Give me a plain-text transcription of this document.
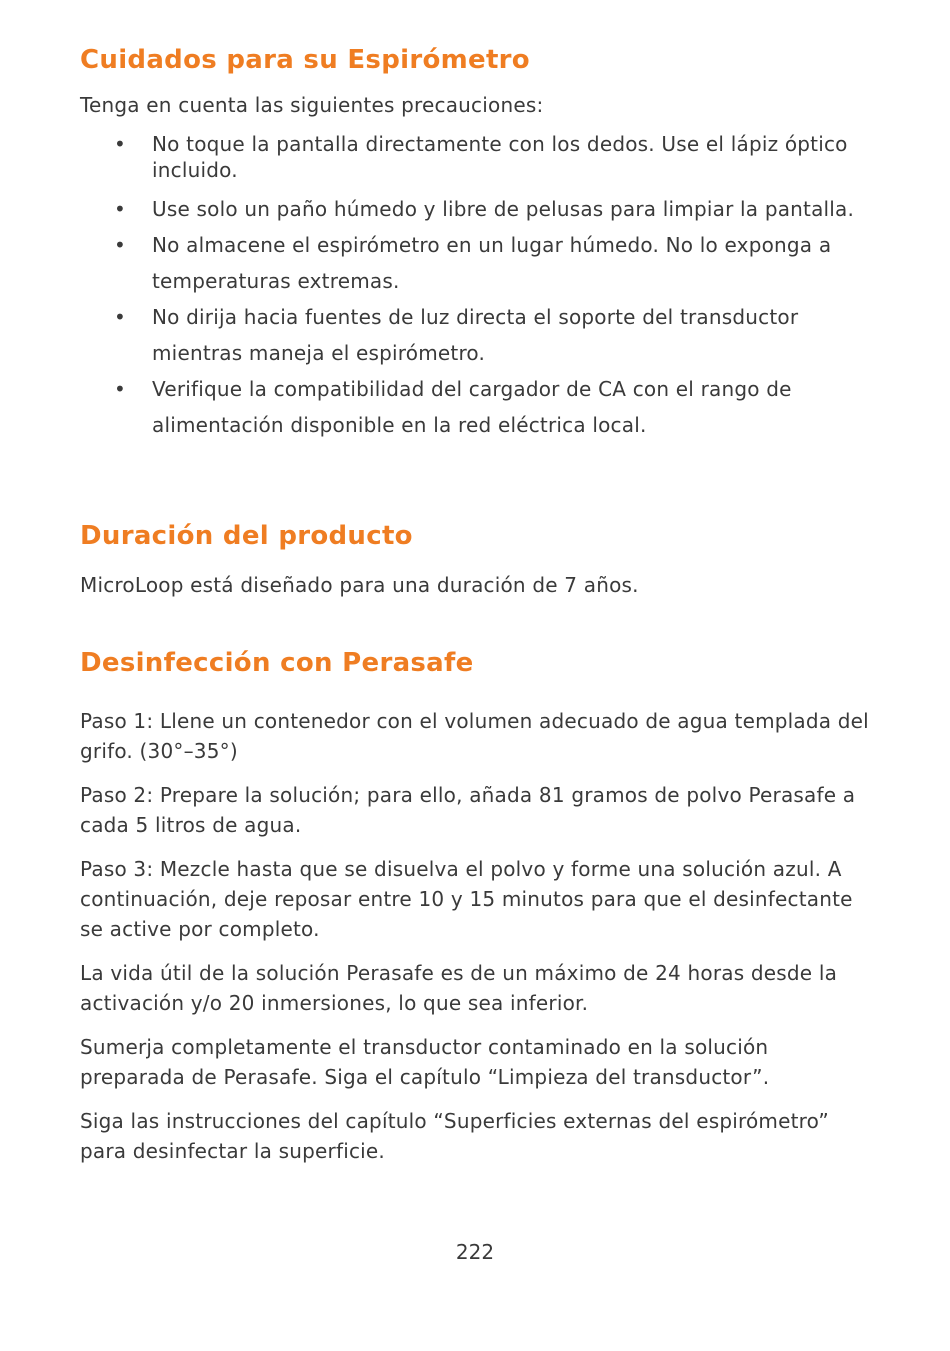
Cuidados para su Espirómetro

Tenga en cuenta las siguientes precauciones:

• No toque la pantalla directamente con los dedos. Use el lápiz óptico incluido.
• Use solo un paño húmedo y libre de pelusas para limpiar la pantalla.
• No almacene el espirómetro en un lugar húmedo. No lo exponga a temperaturas extremas.
• No dirija hacia fuentes de luz directa el soporte del transductor mientras maneja el espirómetro.
• Verifique la compatibilidad del cargador de CA con el rango de alimentación disponible en la red eléctrica local.
Duración del producto

MicroLoop está diseñado para una duración de 7 años.

Desinfección con Perasafe

Paso 1: Llene un contenedor con el volumen adecuado de agua templada del grifo. (30°–35°)

Paso 2: Prepare la solución; para ello, añada 81 gramos de polvo Perasafe a cada 5 litros de agua.

Paso 3: Mezcle hasta que se disuelva el polvo y forme una solución azul. A continuación, deje reposar entre 10 y 15 minutos para que el desinfectante se active por completo.

La vida útil de la solución Perasafe es de un máximo de 24 horas desde la activación y/o 20 inmersiones, lo que sea inferior.

Sumerja completamente el transductor contaminado en la solución preparada de Perasafe. Siga el capítulo “Limpieza del transductor”.

Siga las instrucciones del capítulo “Superficies externas del espirómetro” para desinfectar la superficie.

222
